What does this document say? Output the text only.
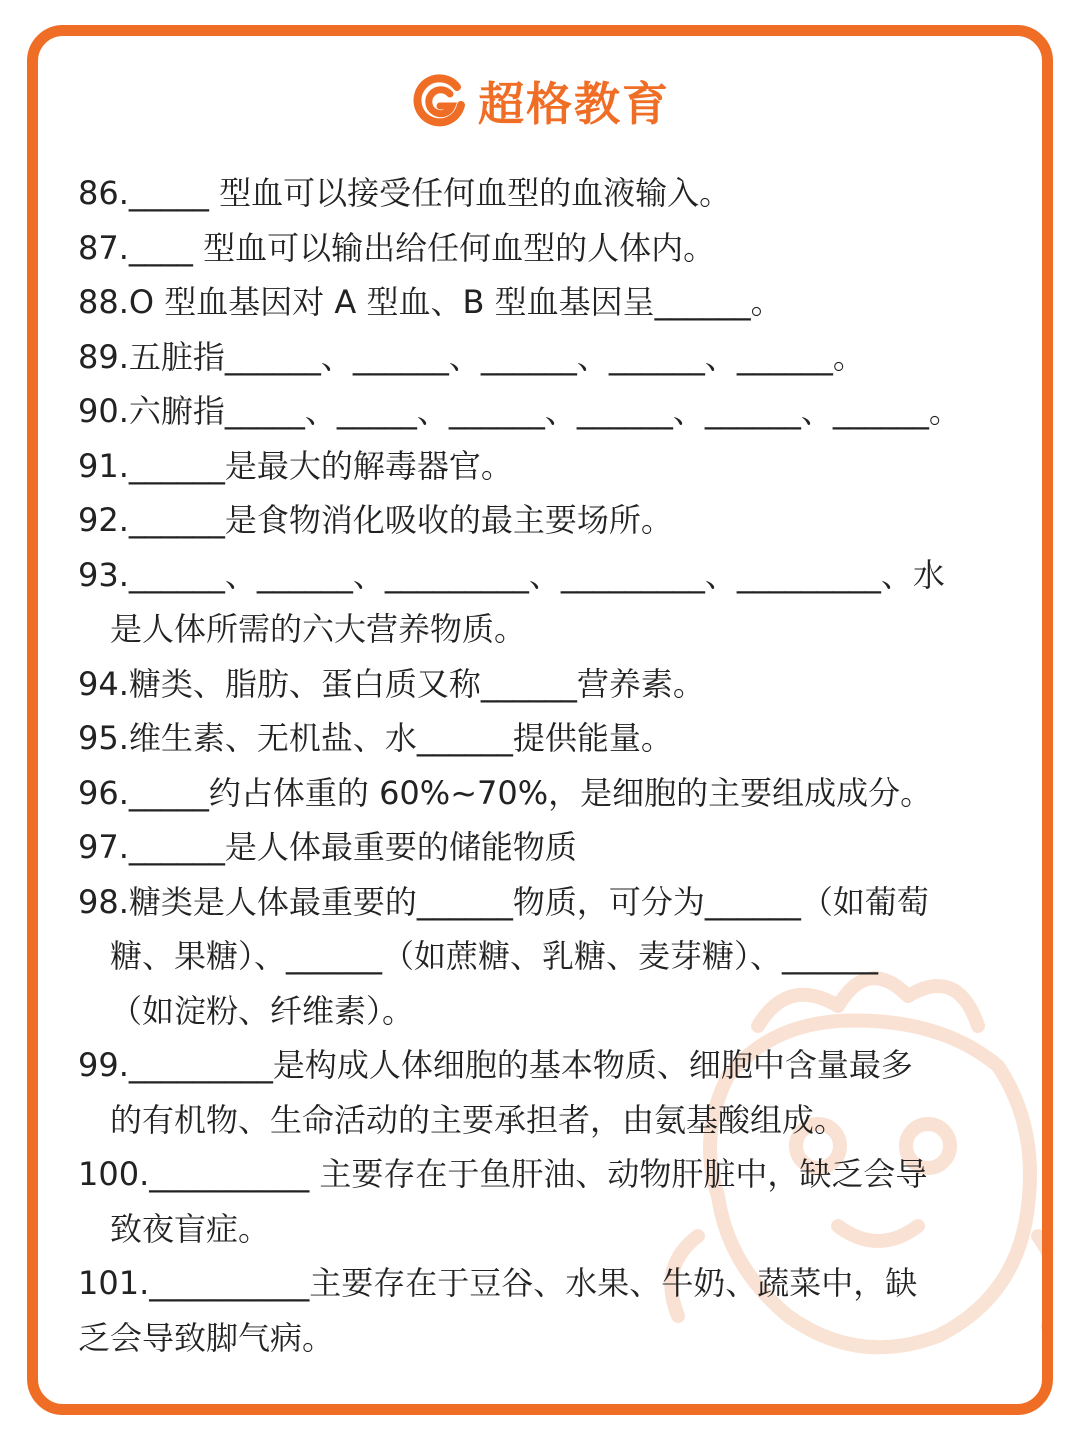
超格教育

86._____ 型血可以接受任何血型的血液输入。

87.____ 型血可以输出给任何血型的人体内。

88.O 型血基因对 A 型血、B 型血基因呈______。

89.五脏指______、______、______、______、______。

90.六腑指_____、_____、______、______、______、______。

91.______是最大的解毒器官。

92.______是食物消化吸收的最主要场所。

93.______、______、_________、_________、_________、水
是人体所需的六大营养物质。

94.糖类、脂肪、蛋白质又称______营养素。

95.维生素、无机盐、水______提供能量。

96._____约占体重的 60%~70%，是细胞的主要组成成分。

97.______是人体最重要的储能物质

98.糖类是人体最重要的______物质，可分为______（如葡萄
糖、果糖）、______（如蔗糖、乳糖、麦芽糖）、______
（如淀粉、纤维素）。

99._________是构成人体细胞的基本物质、细胞中含量最多
的有机物、生命活动的主要承担者，由氨基酸组成。

100.__________ 主要存在于鱼肝油、动物肝脏中，缺乏会导
致夜盲症。

101.__________主要存在于豆谷、水果、牛奶、蔬菜中，缺
乏会导致脚气病。
